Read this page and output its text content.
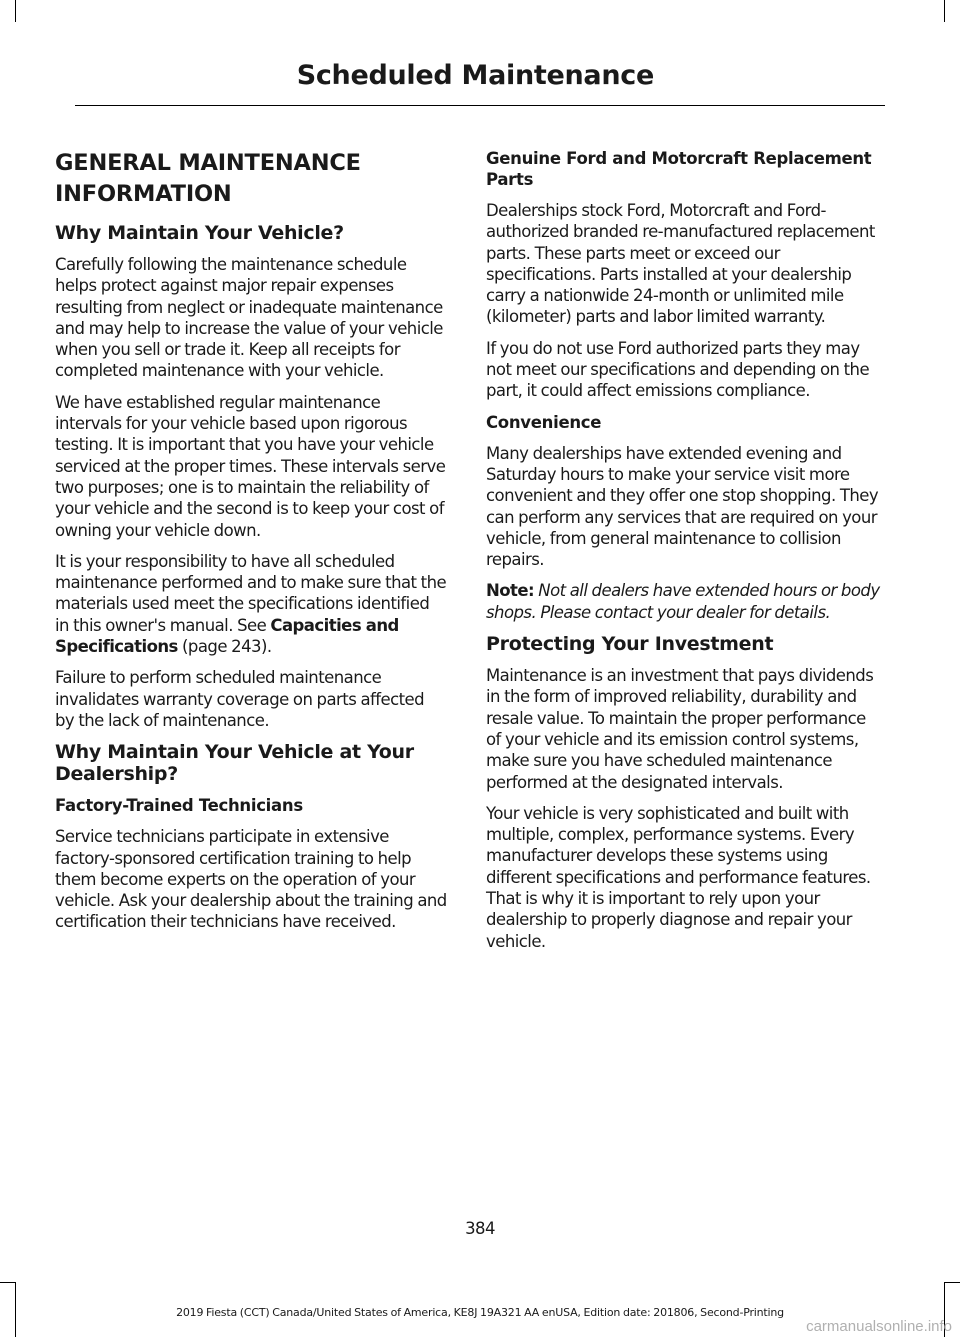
Scheduled Maintenance
GENERAL MAINTENANCE
INFORMATION
Why Maintain Your Vehicle?

Carefully following the maintenance schedule helps protect against major repair expenses resulting from neglect or inadequate maintenance and may help to increase the value of your vehicle when you sell or trade it. Keep all receipts for completed maintenance with your vehicle.

We have established regular maintenance intervals for your vehicle based upon rigorous testing. It is important that you have your vehicle serviced at the proper times. These intervals serve two purposes; one is to maintain the reliability of your vehicle and the second is to keep your cost of owning your vehicle down.

It is your responsibility to have all scheduled maintenance performed and to make sure that the materials used meet the specifications identified in this owner's manual. See Capacities and Specifications (page 243).

Failure to perform scheduled maintenance invalidates warranty coverage on parts affected by the lack of maintenance.

Why Maintain Your Vehicle at Your Dealership?
Factory-Trained Technicians

Service technicians participate in extensive factory-sponsored certification training to help them become experts on the operation of your vehicle. Ask your dealership about the training and certification their technicians have received.

Genuine Ford and Motorcraft Replacement Parts

Dealerships stock Ford, Motorcraft and Ford-authorized branded re-manufactured replacement parts. These parts meet or exceed our specifications. Parts installed at your dealership carry a nationwide 24-month or unlimited mile (kilometer) parts and labor limited warranty.

If you do not use Ford authorized parts they may not meet our specifications and depending on the part, it could affect emissions compliance.

Convenience

Many dealerships have extended evening and Saturday hours to make your service visit more convenient and they offer one stop shopping. They can perform any services that are required on your vehicle, from general maintenance to collision repairs.

Note: Not all dealers have extended hours or body shops. Please contact your dealer for details.

Protecting Your Investment

Maintenance is an investment that pays dividends in the form of improved reliability, durability and resale value. To maintain the proper performance of your vehicle and its emission control systems, make sure you have scheduled maintenance performed at the designated intervals.

Your vehicle is very sophisticated and built with multiple, complex, performance systems. Every manufacturer develops these systems using different specifications and performance features. That is why it is important to rely upon your dealership to properly diagnose and repair your vehicle.

384

2019 Fiesta (CCT) Canada/United States of America, KE8J 19A321 AA enUSA, Edition date: 201806, Second-Printing

carmanualsonline.info
